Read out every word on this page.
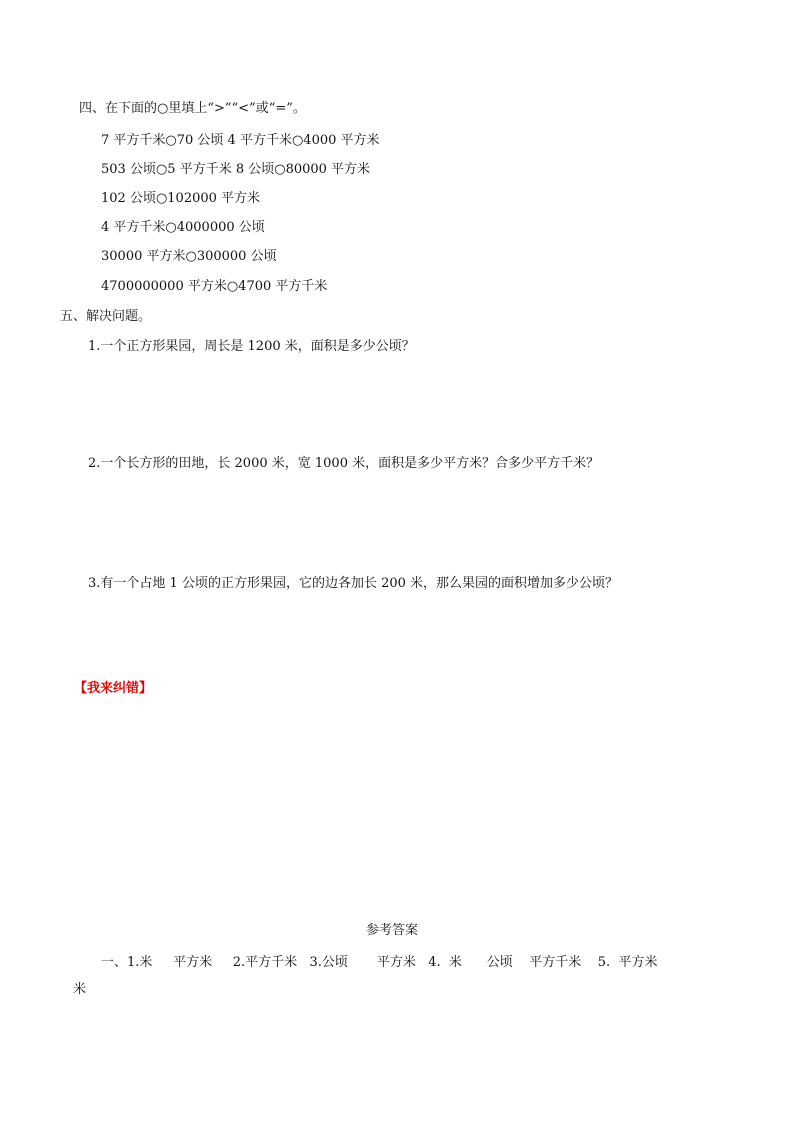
四、在下面的○里填上“>”“<”或“=”。
7 平方千米○70 公顷 4 平方千米○4000 平方米
503 公顷○5 平方千米 8 公顷○80000 平方米
102 公顷○102000 平方米
4 平方千米○4000000 公顷
30000 平方米○300000 公顷
4700000000 平方米○4700 平方千米
五、解决问题。
1.一个正方形果园，周长是 1200 米，面积是多少公顷？
2.一个长方形的田地，长 2000 米，宽 1000 米，面积是多少平方米？合多少平方千米？
3.有一个占地 1 公顷的正方形果园，它的边各加长 200 米，那么果园的面积增加多少公顷？
【我来纠错】
参考答案
一、1.米     平方米     2.平方千米   3.公顷       平方米   4.  米      公顷    平方千米    5.  平方米
米
